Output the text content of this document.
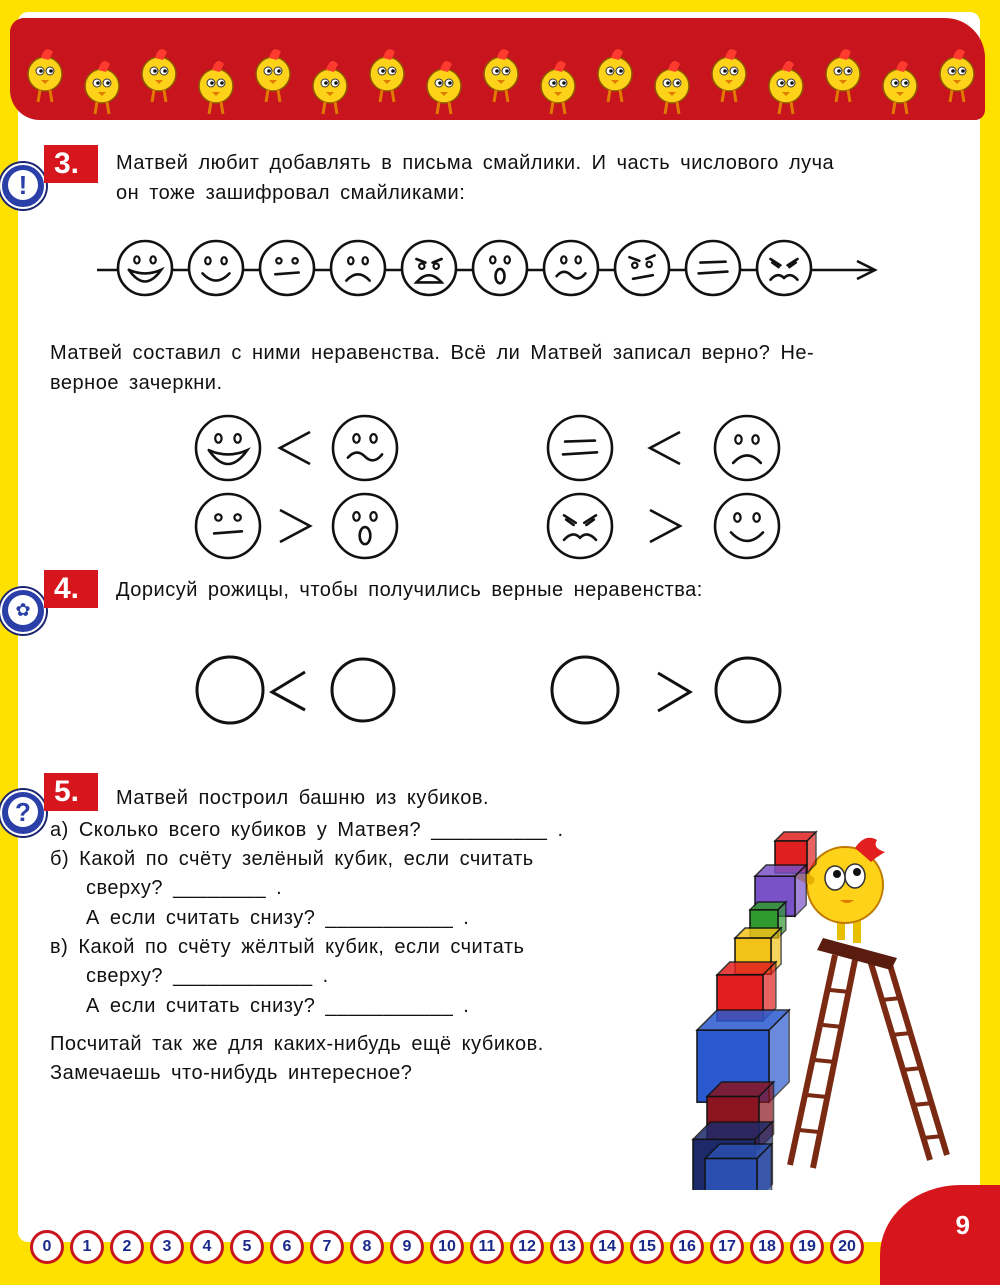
!
3.	Матвей любит добавлять в письма смайлики. И часть числового луча
он тоже зашифровал смайликами:
Матвей составил с ними неравенства. Всё ли Матвей записал верно? Не-
верное зачеркни.
✿
4.	Дорисуй рожицы, чтобы получились верные неравенства:
?
5.	Матвей построил башню из кубиков.
а) Сколько всего кубиков у Матвея? __________ .
б) Какой по счёту зелёный кубик, если считать
сверху? ________ .
А если считать снизу? ___________ .
в) Какой по счёту жёлтый кубик, если считать
сверху? ____________ .
А если считать снизу? ___________ .
Посчитай так же для каких-нибудь ещё кубиков.
Замечаешь что-нибудь интересное?
0	1	2	3	4	5	6	7	8	9	10	11	12	13	14	15	16	17	18	19	20
9
